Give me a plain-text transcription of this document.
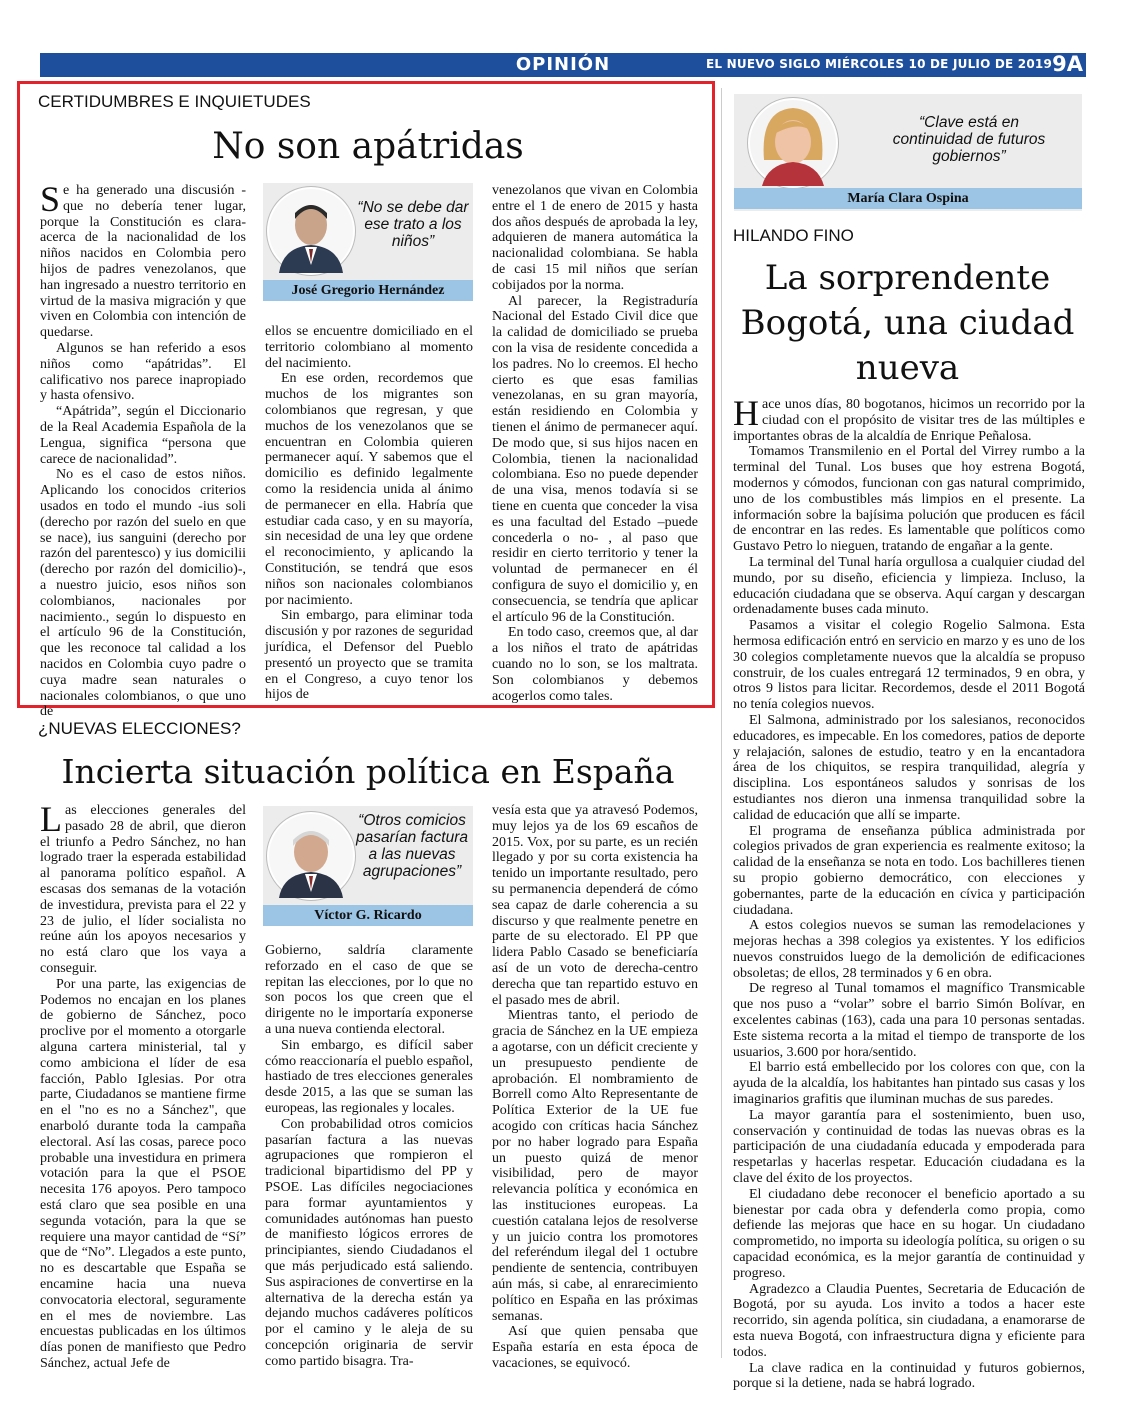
OPINIÓN	EL NUEVO SIGLO MIÉRCOLES 10 DE JULIO DE 2019 9A
CERTIDUMBRES E INQUIETUDES
No son apátridas

Se ha generado una discusión -que no debería tener lugar, porque la Constitución es clara- acerca de la nacionalidad de los niños nacidos en Colombia pero hijos de padres venezolanos, que han ingresado a nuestro territorio en virtud de la masiva migración y que viven en Colombia con intención de quedarse.

Algunos se han referido a esos niños como “apátridas”. El calificativo nos parece inapropiado y hasta ofensivo.

“Apátrida”, según el Diccionario de la Real Academia Española de la Lengua, significa “persona que carece de nacionalidad”.

No es el caso de estos niños. Aplicando los conocidos criterios usados en todo el mundo -ius soli (derecho por razón del suelo en que se nace), ius sanguini (derecho por razón del parentesco) y ius domicilii (derecho por razón del domicilio)-, a nuestro juicio, esos niños son colombianos, nacionales por nacimiento., según lo dispuesto en el artículo 96 de la Constitución, que les reconoce tal calidad a los nacidos en Colombia cuyo padre o cuya madre sean naturales o nacionales colombianos, o que uno de

“No se debe dar ese trato a los niños”
José Gregorio Hernández

ellos se encuentre domiciliado en el territorio colombiano al momento del nacimiento.

En ese orden, recordemos que muchos de los migrantes son colombianos que regresan, y que muchos de los venezolanos que se encuentran en Colombia quieren permanecer aquí. Y sabemos que el domicilio es definido legalmente como la residencia unida al ánimo de permanecer en ella. Habría que estudiar cada caso, y en su mayoría, sin necesidad de una ley que ordene el reconocimiento, y aplicando la Constitución, se tendrá que esos niños son nacionales colombianos por nacimiento.

Sin embargo, para eliminar toda discusión y por razones de seguridad jurídica, el Defensor del Pueblo presentó un proyecto que se tramita en el Congreso, a cuyo tenor los hijos de

venezolanos que vivan en Colombia entre el 1 de enero de 2015 y hasta dos años después de aprobada la ley, adquieren de manera automática la nacionalidad colombiana. Se habla de casi 15 mil niños que serían cobijados por la norma.

Al parecer, la Registraduría Nacional del Estado Civil dice que la calidad de domiciliado se prueba con la visa de residente concedida a los padres. No lo creemos. El hecho cierto es que esas familias venezolanas, en su gran mayoría, están residiendo en Colombia y tienen el ánimo de permanecer aquí. De modo que, si sus hijos nacen en Colombia, tienen la nacionalidad colombiana. Eso no puede depender de una visa, menos todavía si se tiene en cuenta que conceder la visa es una facultad del Estado –puede concederla o no- , al paso que residir en cierto territorio y tener la voluntad de permanecer en él configura de suyo el domicilio y, en consecuencia, se tendría que aplicar el artículo 96 de la Constitución.

En todo caso, creemos que, al dar a los niños el trato de apátridas cuando no lo son, se los maltrata. Son colombianos y debemos acogerlos como tales.

¿NUEVAS ELECCIONES?
Incierta situación política en España

Las elecciones generales del pasado 28 de abril, que dieron el triunfo a Pedro Sánchez, no han logrado traer la esperada estabilidad al panorama político español. A escasas dos semanas de la votación de investidura, prevista para el 22 y 23 de julio, el líder socialista no reúne aún los apoyos necesarios y no está claro que los vaya a conseguir.

Por una parte, las exigencias de Podemos no encajan en los planes de gobierno de Sánchez, poco proclive por el momento a otorgarle alguna cartera ministerial, tal y como ambiciona el líder de esa facción, Pablo Iglesias. Por otra parte, Ciudadanos se mantiene firme en el "no es no a Sánchez", que enarboló durante toda la campaña electoral. Así las cosas, parece poco probable una investidura en primera votación para la que el PSOE necesita 176 apoyos. Pero tampoco está claro que sea posible en una segunda votación, para la que se requiere una mayor cantidad de “Sí” que de “No”. Llegados a este punto, no es descartable que España se encamine hacia una nueva convocatoria electoral, seguramente en el mes de noviembre. Las encuestas publicadas en los últimos días ponen de manifiesto que Pedro Sánchez, actual Jefe de

“Otros comicios pasarían factura a las nuevas agrupaciones”
Víctor G. Ricardo

Gobierno, saldría claramente reforzado en el caso de que se repitan las elecciones, por lo que no son pocos los que creen que el dirigente no le importaría exponerse a una nueva contienda electoral.

Sin embargo, es difícil saber cómo reaccionaría el pueblo español, hastiado de tres elecciones generales desde 2015, a las que se suman las europeas, las regionales y locales.

Con probabilidad otros comicios pasarían factura a las nuevas agrupaciones que rompieron el tradicional bipartidismo del PP y PSOE. Las difíciles negociaciones para formar ayuntamientos y comunidades autónomas han puesto de manifiesto lógicos errores de principiantes, siendo Ciudadanos el que más perjudicado está saliendo. Sus aspiraciones de convertirse en la alternativa de la derecha están ya dejando muchos cadáveres políticos por el camino y le aleja de su concepción originaria de servir como partido bisagra. Tra-

vesía esta que ya atravesó Podemos, muy lejos ya de los 69 escaños de 2015. Vox, por su parte, es un recién llegado y por su corta existencia ha tenido un importante resultado, pero su permanencia dependerá de cómo sea capaz de darle coherencia a su discurso y que realmente penetre en parte de su electorado. El PP que lidera Pablo Casado se beneficiaría así de un voto de derecha-centro derecha que tan repartido estuvo en el pasado mes de abril.

Mientras tanto, el periodo de gracia de Sánchez en la UE empieza a agotarse, con un déficit creciente y un presupuesto pendiente de aprobación. El nombramiento de Borrell como Alto Representante de Política Exterior de la UE fue acogido con críticas hacia Sánchez por no haber logrado para España un puesto quizá de menor visibilidad, pero de mayor relevancia política y económica en las instituciones europeas. La cuestión catalana lejos de resolverse y un juicio contra los promotores del referéndum ilegal del 1 octubre pendiente de sentencia, contribuyen aún más, si cabe, al enrarecimiento político en España en las próximas semanas.

Así que quien pensaba que España estaría en esta época de vacaciones, se equivocó.

“Clave está en continuidad de futuros gobiernos”
María Clara Ospina
HILANDO FINO
La sorprendente Bogotá, una ciudad nueva

Hace unos días, 80 bogotanos, hicimos un recorrido por la ciudad con el propósito de visitar tres de las múltiples e importantes obras de la alcaldía de Enrique Peñalosa.

Tomamos Transmilenio en el Portal del Virrey rumbo a la terminal del Tunal. Los buses que hoy estrena Bogotá, modernos y cómodos, funcionan con gas natural comprimido, uno de los combustibles más limpios en el presente. La información sobre la bajísima polución que producen es fácil de encontrar en las redes. Es lamentable que políticos como Gustavo Petro lo nieguen, tratando de engañar a la gente.

La terminal del Tunal haría orgullosa a cualquier ciudad del mundo, por su diseño, eficiencia y limpieza. Incluso, la educación ciudadana que se observa. Aquí cargan y descargan ordenadamente buses cada minuto.

Pasamos a visitar el colegio Rogelio Salmona. Esta hermosa edificación entró en servicio en marzo y es uno de los 30 colegios completamente nuevos que la alcaldía se propuso construir, de los cuales entregará 12 terminados, 9 en obra, y otros 9 listos para licitar. Recordemos, desde el 2011 Bogotá no tenía colegios nuevos.

El Salmona, administrado por los salesianos, reconocidos educadores, es impecable. En los comedores, patios de deporte y relajación, salones de estudio, teatro y en la encantadora área de los chiquitos, se respira tranquilidad, alegría y disciplina. Los espontáneos saludos y sonrisas de los estudiantes nos dieron una inmensa tranquilidad sobre la calidad de educación que allí se imparte.

El programa de enseñanza pública administrada por colegios privados de gran experiencia es realmente exitoso; la calidad de la enseñanza se nota en todo. Los bachilleres tienen su propio gobierno democrático, con elecciones y gobernantes, parte de la educación en cívica y participación ciudadana.

A estos colegios nuevos se suman las remodelaciones y mejoras hechas a 398 colegios ya existentes. Y los edificios nuevos construidos luego de la demolición de edificaciones obsoletas; de ellos, 28 terminados y 6 en obra.

De regreso al Tunal tomamos el magnífico Transmicable que nos puso a “volar” sobre el barrio Simón Bolívar, en excelentes cabinas (163), cada una para 10 personas sentadas. Este sistema recorta a la mitad el tiempo de transporte de los usuarios, 3.600 por hora/sentido.

El barrio está embellecido por los colores con que, con la ayuda de la alcaldía, los habitantes han pintado sus casas y los imaginarios grafitis que iluminan muchas de sus paredes.

La mayor garantía para el sostenimiento, buen uso, conservación y continuidad de todas las nuevas obras es la participación de una ciudadanía educada y empoderada para respetarlas y hacerlas respetar. Educación ciudadana es la clave del éxito de los proyectos.

El ciudadano debe reconocer el beneficio aportado a su bienestar por cada obra y defenderla como propia, como defiende las mejoras que hace en su hogar. Un ciudadano comprometido, no importa su ideología política, su origen o su capacidad económica, es la mejor garantía de continuidad y progreso.

Agradezco a Claudia Puentes, Secretaria de Educación de Bogotá, por su ayuda. Los invito a todos a hacer este recorrido, sin agenda política, sin ciudadana, a enamorarse de esta nueva Bogotá, con infraestructura digna y eficiente para todos.

La clave radica en la continuidad y futuros gobiernos, porque si la detiene, nada se habrá logrado.
